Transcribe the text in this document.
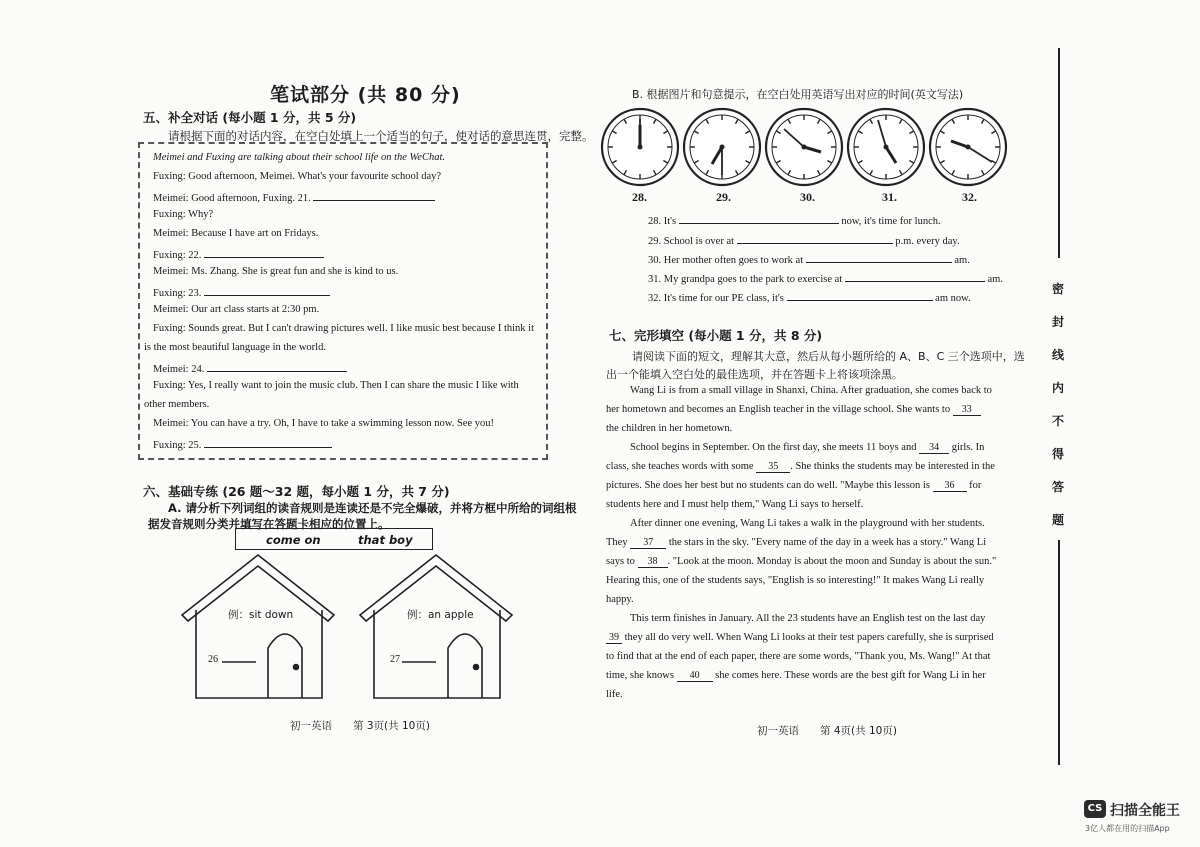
笔试部分 (共 80 分)
五、补全对话 (每小题 1 分，共 5 分)
请根据下面的对话内容，在空白处填上一个适当的句子，使对话的意思连贯，完整。
Meimei and Fuxing are talking about their school life on the WeChat.
Fuxing: Good afternoon, Meimei. What's your favourite school day?
Meimei: Good afternoon, Fuxing. 21.
Fuxing: Why?
Meimei: Because I have art on Fridays.
Fuxing: 22.
Meimei: Ms. Zhang. She is great fun and she is kind to us.
Fuxing: 23.
Meimei: Our art class starts at 2:30 pm.
Fuxing: Sounds great. But I can't drawing pictures well. I like music best because I think it
is the most beautiful language in the world.
Meimei: 24.
Fuxing: Yes, I really want to join the music club. Then I can share the music I like with
other members.
Meimei: You can have a try. Oh, I have to take a swimming lesson now. See you!
Fuxing: 25.
六、基础专练 (26 题～32 题，每小题 1 分，共 7 分)
A. 请分析下列词组的读音规则是连读还是不完全爆破，并将方框中所给的词组根
据发音规则分类并填写在答题卡相应的位置上。
come on	that boy
例：sit down
26
例：an apple
27
初一英语　　第 3页(共 10页)
B. 根据图片和句意提示，在空白处用英语写出对应的时间(英文写法)
28.	29.	30.	31.	32.
28. It's	now, it's time for lunch.
29. School is over at	p.m. every day.
30. Her mother often goes to work at	am.
31. My grandpa goes to the park to exercise at	am.
32. It's time for our PE class, it's	am now.
七、完形填空 (每小题 1 分，共 8 分)
请阅读下面的短文，理解其大意，然后从每小题所给的 A、B、C 三个选项中，选
出一个能填入空白处的最佳选项，并在答题卡上将该项涂黑。
Wang Li is from a small village in Shanxi, China. After graduation, she comes back to
her hometown and becomes an English teacher in the village school. She wants to 33
the children in her hometown.
School begins in September. On the first day, she meets 11 boys and 34 girls. In
class, she teaches words with some 35 . She thinks the students may be interested in the
pictures. She does her best but no students can do well. "Maybe this lesson is 36 for
students here and I must help them," Wang Li says to herself.
After dinner one evening, Wang Li takes a walk in the playground with her students.
They 37 the stars in the sky. "Every name of the day in a week has a story." Wang Li
says to 38 . "Look at the moon. Monday is about the moon and Sunday is about the sun."
Hearing this, one of the students says, "English is so interesting!" It makes Wang Li really
happy.
This term finishes in January. All the 23 students have an English test on the last day
39 they all do very well. When Wang Li looks at their test papers carefully, she is surprised
to find that at the end of each paper, there are some words, "Thank you, Ms. Wang!" At that
time, she knows 40 she comes here. These words are the best gift for Wang Li in her
life.
初一英语　　第 4页(共 10页)
密
封
线
内
不
得
答
题
CS 扫描全能王
3亿人都在用的扫描App
